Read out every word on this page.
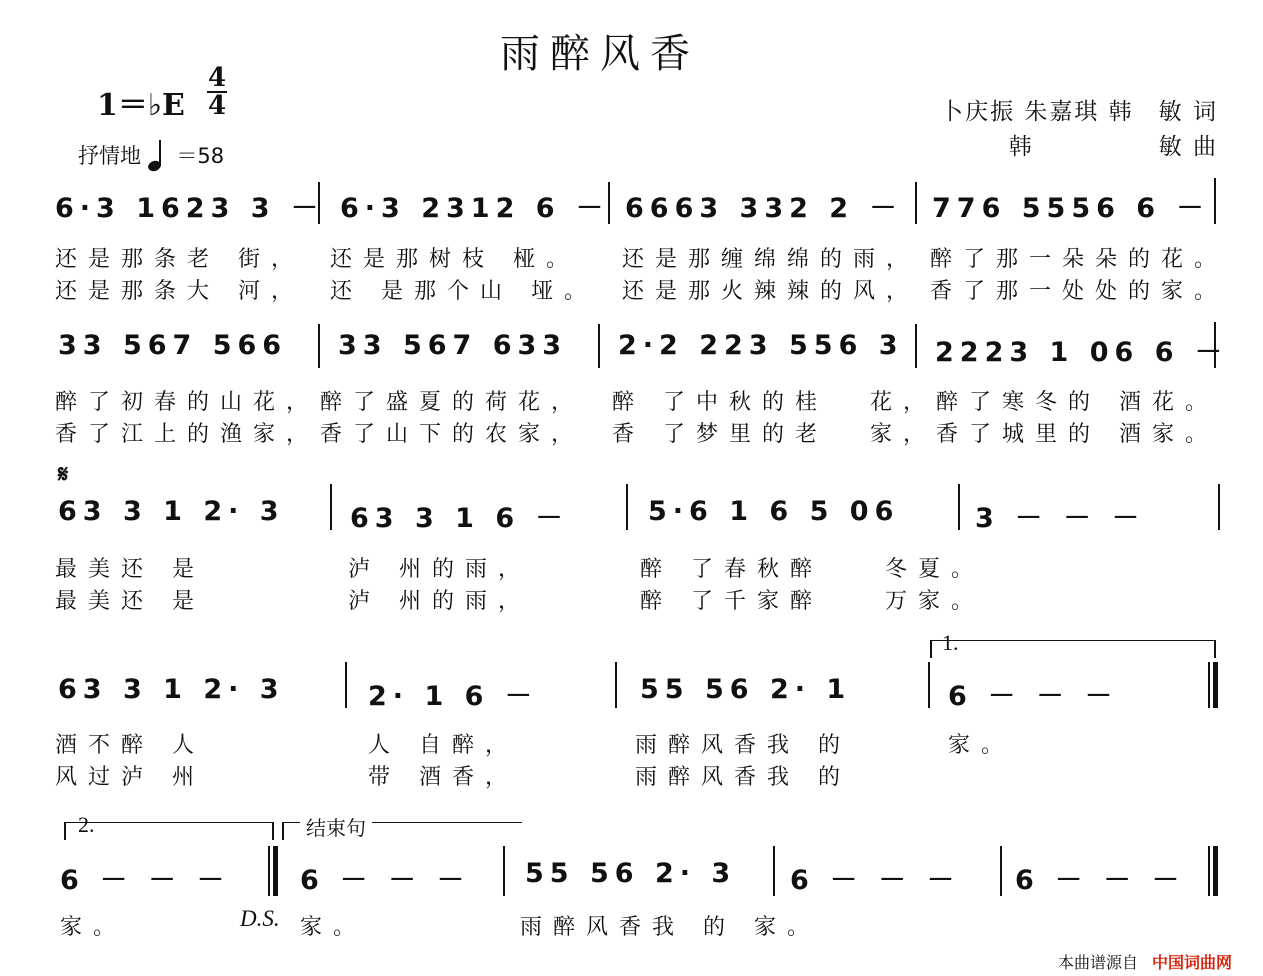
雨醉风香
1＝♭E
4
4	卜庆振 朱嘉琪 韩　敏 词
韩　　　　　敏 曲
抒情地 ＝58
6·3 1623 3 － 6·3 2312 6 － 6663 332 2 － 776 5556 6 －
还是那条老 街， 还是那树枝 桠。 还是那缠绵绵的雨， 醉了那一朵朵的花。
还是那条大 河， 还 是那个山 垭。 还是那火辣辣的风， 香了那一处处的家。
33 567 566 33 567 633 2·2 223 556 3 2223 1 06 6 －
醉了初春的山花， 醉了盛夏的荷花， 醉 了中秋的桂 花，醉了寒冬的 酒花。
香了江上的渔家， 香了山下的农家， 香 了梦里的老 家，香了城里的 酒家。
𝄋
63 3 1 2· 3 63 3 1 6 －	5·6 1 6 5 06	3 － － －
最美还 是	泸 州的雨，	醉 了春秋醉	冬夏。
最美还 是	泸 州的雨，	醉 了千家醉	万家。
1.
63 3 1 2· 3	2· 1 6 －	55 56 2· 1	6 － － －
酒不醉 人	人 自醉，	雨醉风香我 的	家。
风过泸 州	带 酒香，	雨醉风香我 的
2.	结束句
6 － － －	6 － － － 55 56 2· 3 6 － － － 6 － － －
家。	D.S. 家。	雨醉风香我 的 家。
本曲谱源自 中国词曲网
